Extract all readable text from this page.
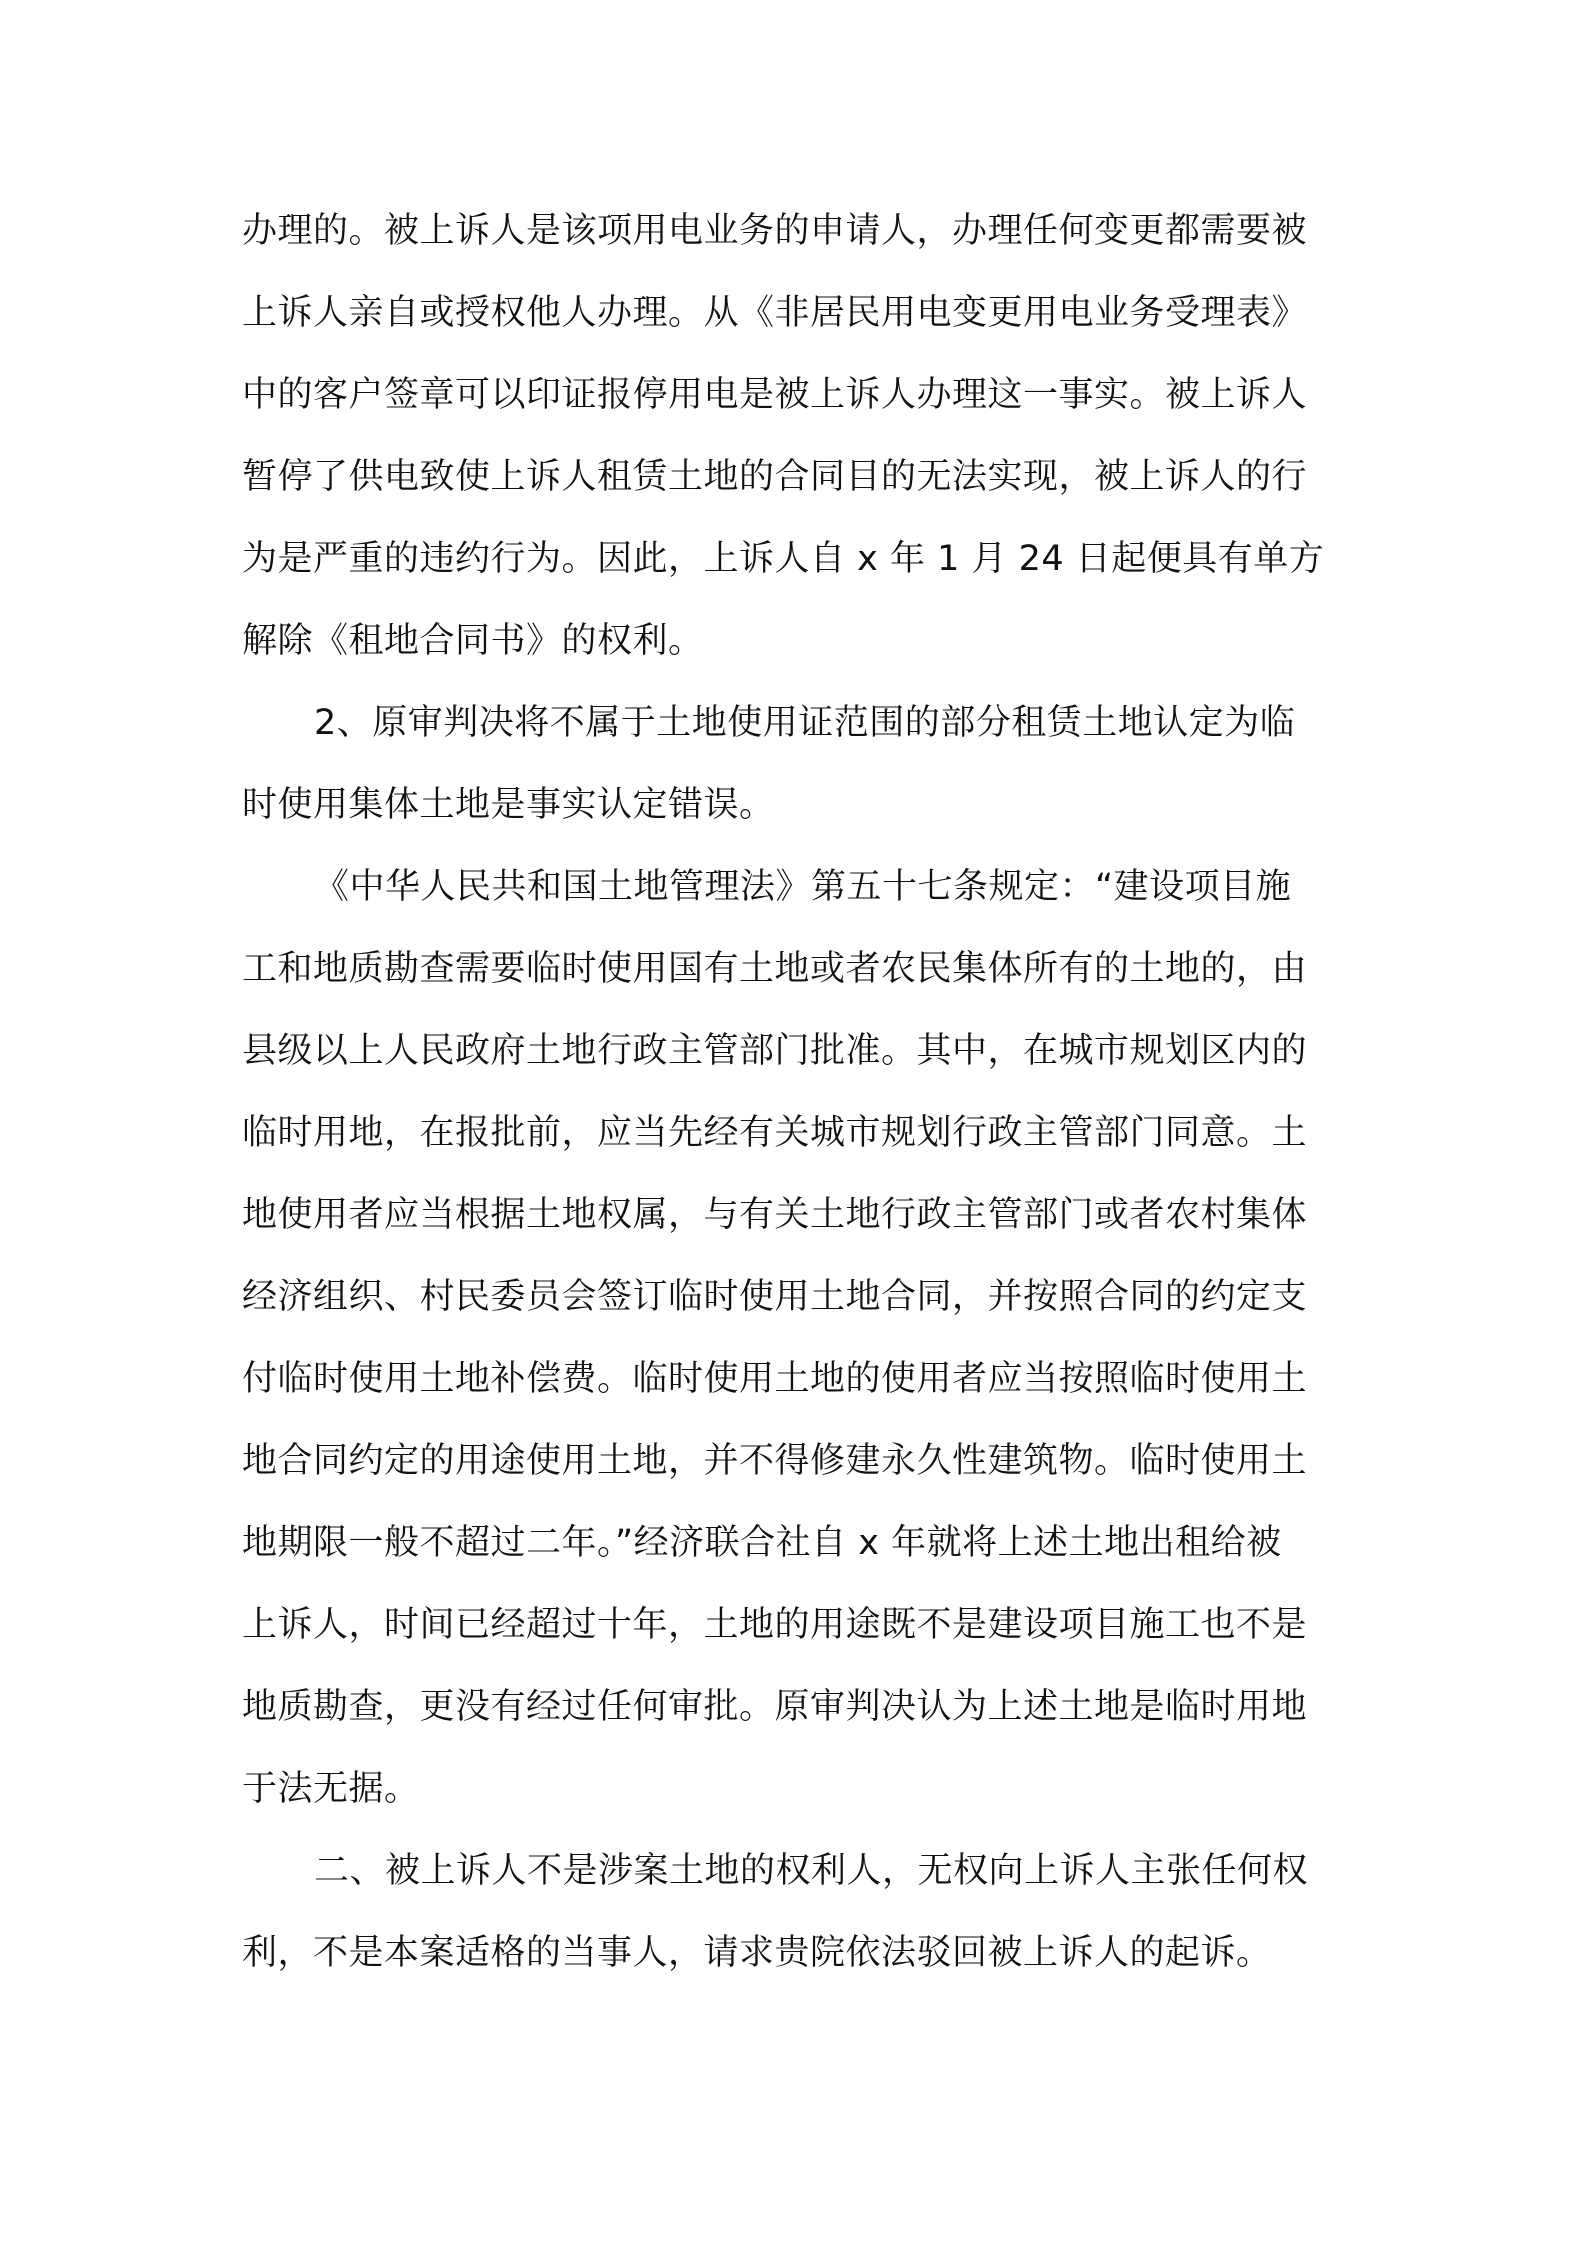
办理的。被上诉人是该项用电业务的申请人，办理任何变更都需要被
上诉人亲自或授权他人办理。从《非居民用电变更用电业务受理表》
中的客户签章可以印证报停用电是被上诉人办理这一事实。被上诉人
暂停了供电致使上诉人租赁土地的合同目的无法实现，被上诉人的行
为是严重的违约行为。因此，上诉人自 x 年 1 月 24 日起便具有单方
解除《租地合同书》的权利。
2、原审判决将不属于土地使用证范围的部分租赁土地认定为临
时使用集体土地是事实认定错误。
《中华人民共和国土地管理法》第五十七条规定：“建设项目施
工和地质勘查需要临时使用国有土地或者农民集体所有的土地的，由
县级以上人民政府土地行政主管部门批准。其中，在城市规划区内的
临时用地，在报批前，应当先经有关城市规划行政主管部门同意。土
地使用者应当根据土地权属，与有关土地行政主管部门或者农村集体
经济组织、村民委员会签订临时使用土地合同，并按照合同的约定支
付临时使用土地补偿费。临时使用土地的使用者应当按照临时使用土
地合同约定的用途使用土地，并不得修建永久性建筑物。临时使用土
地期限一般不超过二年。”经济联合社自 x 年就将上述土地出租给被
上诉人，时间已经超过十年，土地的用途既不是建设项目施工也不是
地质勘查，更没有经过任何审批。原审判决认为上述土地是临时用地
于法无据。
二、被上诉人不是涉案土地的权利人，无权向上诉人主张任何权
利，不是本案适格的当事人，请求贵院依法驳回被上诉人的起诉。
